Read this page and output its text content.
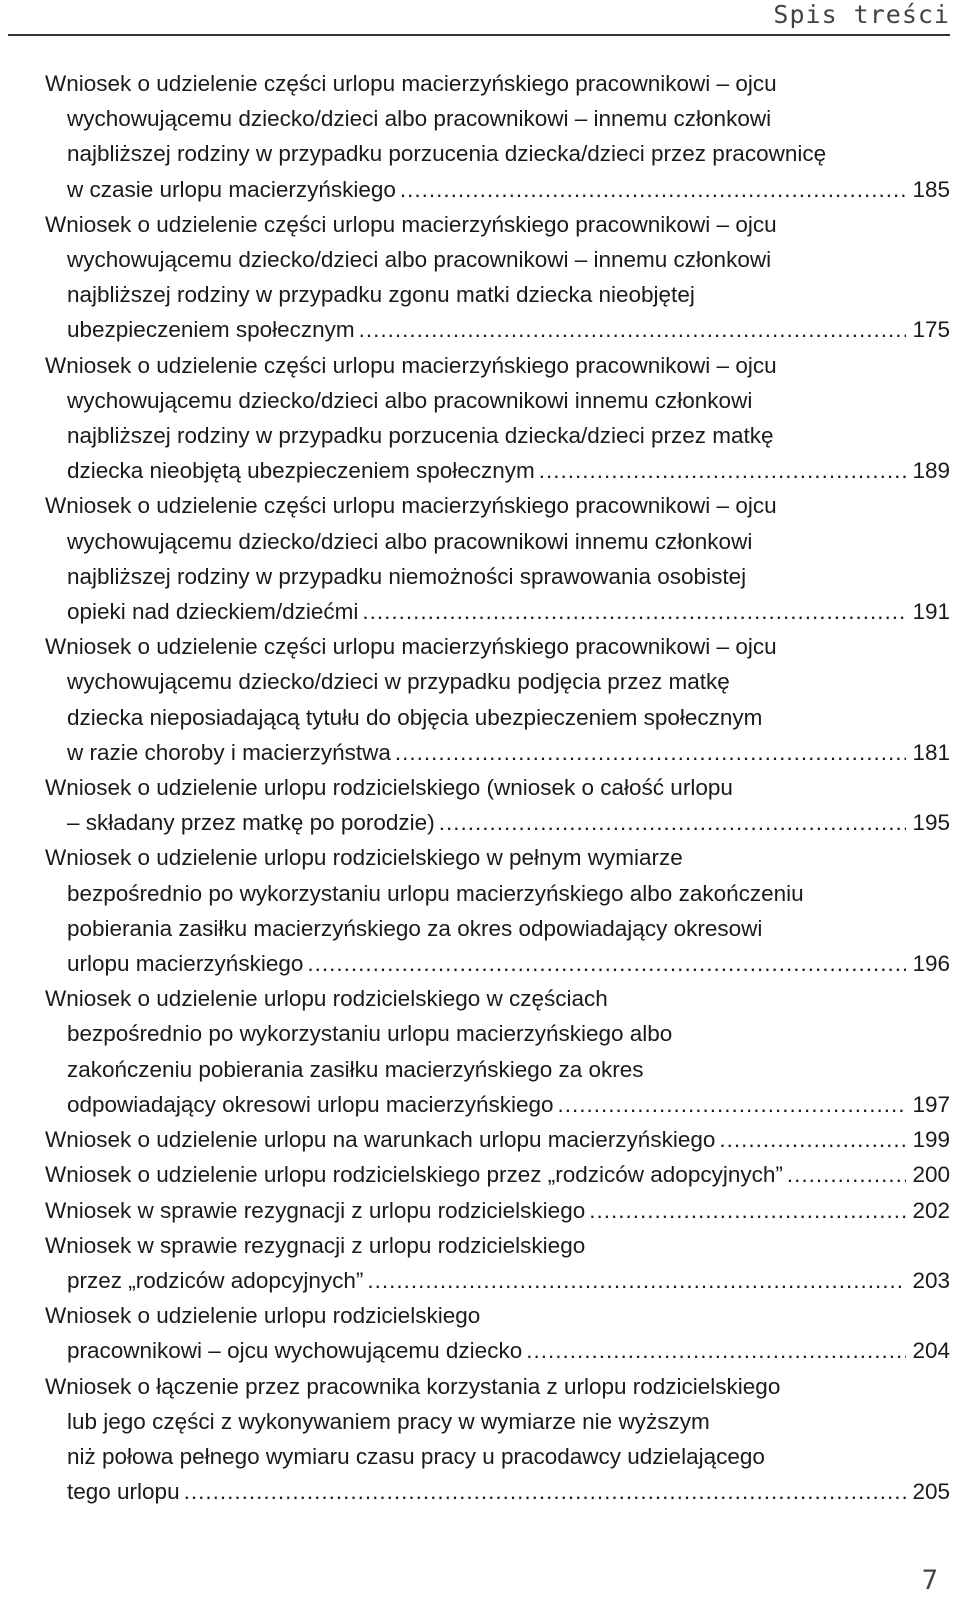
Spis treści
Wniosek o udzielenie części urlopu macierzyńskiego pracownikowi – ojcu
wychowującemu dziecko/dzieci albo pracownikowi – innemu członkowi
najbliższej rodziny w przypadku porzucenia dziecka/dzieci przez pracownicę
w czasie urlopu macierzyńskiego .....	185
Wniosek o udzielenie części urlopu macierzyńskiego pracownikowi – ojcu
wychowującemu dziecko/dzieci albo pracownikowi – innemu członkowi
najbliższej rodziny w przypadku zgonu matki dziecka nieobjętej
ubezpieczeniem społecznym .....	175
Wniosek o udzielenie części urlopu macierzyńskiego pracownikowi – ojcu
wychowującemu dziecko/dzieci albo pracownikowi innemu członkowi
najbliższej rodziny w przypadku porzucenia dziecka/dzieci przez matkę
dziecka nieobjętą ubezpieczeniem społecznym .....	189
Wniosek o udzielenie części urlopu macierzyńskiego pracownikowi – ojcu
wychowującemu dziecko/dzieci albo pracownikowi innemu członkowi
najbliższej rodziny w przypadku niemożności sprawowania osobistej
opieki nad dzieckiem/dziećmi .....	191
Wniosek o udzielenie części urlopu macierzyńskiego pracownikowi – ojcu
wychowującemu dziecko/dzieci w przypadku podjęcia przez matkę
dziecka nieposiadającą tytułu do objęcia ubezpieczeniem społecznym
w razie choroby i macierzyństwa .....	181
Wniosek o udzielenie urlopu rodzicielskiego (wniosek o całość urlopu
– składany przez matkę po porodzie) .....	195
Wniosek o udzielenie urlopu rodzicielskiego w pełnym wymiarze
bezpośrednio po wykorzystaniu urlopu macierzyńskiego albo zakończeniu
pobierania zasiłku macierzyńskiego za okres odpowiadający okresowi
urlopu macierzyńskiego .....	196
Wniosek o udzielenie urlopu rodzicielskiego w częściach
bezpośrednio po wykorzystaniu urlopu macierzyńskiego albo
zakończeniu pobierania zasiłku macierzyńskiego za okres
odpowiadający okresowi urlopu macierzyńskiego .....	197
Wniosek o udzielenie urlopu na warunkach urlopu macierzyńskiego .....	199
Wniosek o udzielenie urlopu rodzicielskiego przez „rodziców adopcyjnych” .....	200
Wniosek w sprawie rezygnacji z urlopu rodzicielskiego .....	202
Wniosek w sprawie rezygnacji z urlopu rodzicielskiego
przez „rodziców adopcyjnych” .....	203
Wniosek o udzielenie urlopu rodzicielskiego
pracownikowi – ojcu wychowującemu dziecko .....	204
Wniosek o łączenie przez pracownika korzystania z urlopu rodzicielskiego
lub jego części z wykonywaniem pracy w wymiarze nie wyższym
niż połowa pełnego wymiaru czasu pracy u pracodawcy udzielającego
tego urlopu .....	205
7
